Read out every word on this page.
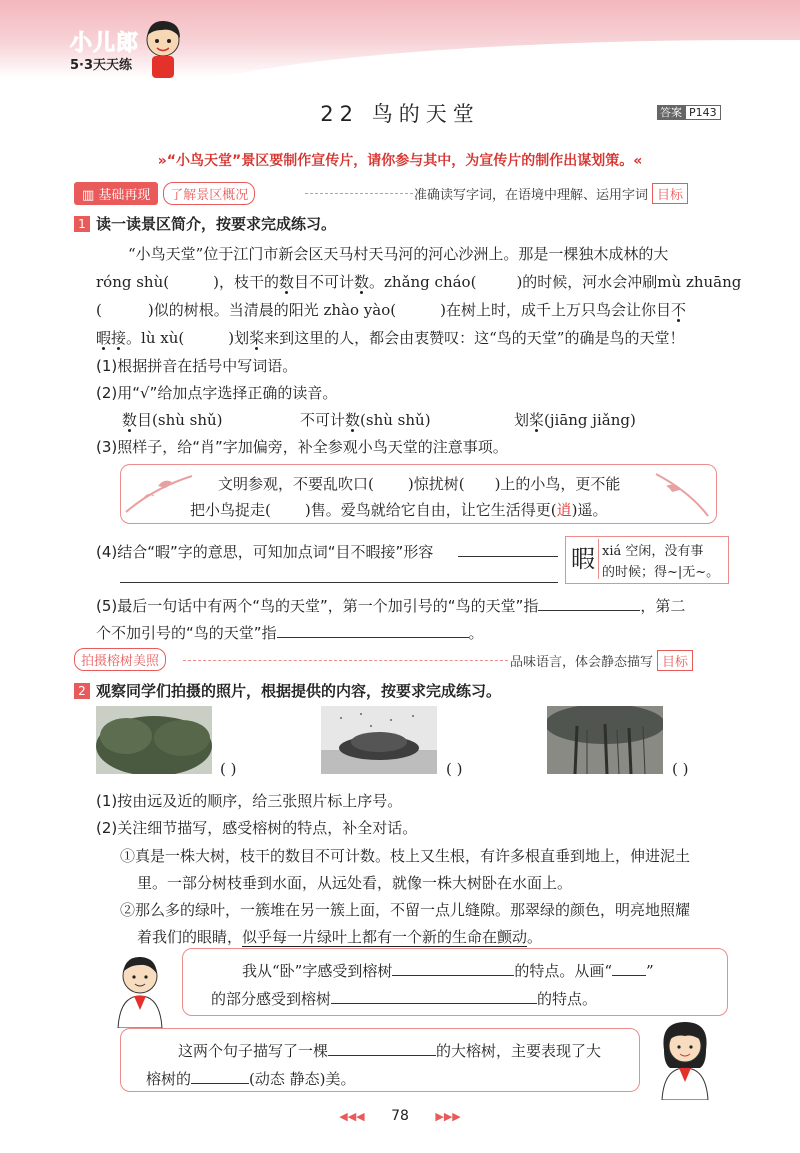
小儿郎
5·3天天练
22 鸟的天堂	答案 P143
»“小鸟天堂”景区要制作宣传片，请你参与其中，为宣传片的制作出谋划策。«
▥ 基础再现 了解景区概况	准确读写字词，在语境中理解、运用字词 目标
1 读一读景区简介，按要求完成练习。
“小鸟天堂”位于江门市新会区天马村天马河的河心沙洲上。那是一棵独木成林的大
róng shù(	)，枝干的数目不可计数。zhǎng cháo(	)的时候，河水会冲刷mù zhuāng
(	)似的树根。当清晨的阳光 zhào yào(	)在树上时，成千上万只鸟会让你目不
暇接。lù xù(	)划桨来到这里的人，都会由衷赞叹：这“鸟的天堂”的确是鸟的天堂！
(1)根据拼音在括号中写词语。
(2)用“√”给加点字选择正确的读音。
数目(shù shǔ)	不可计数(shù shǔ)	划桨(jiāng jiǎng)
(3)照样子，给“肖”字加偏旁，补全参观小鸟天堂的注意事项。
文明参观，不要乱吹口( )惊扰树( )上的小鸟，更不能
把小鸟捉走( )售。爱鸟就给它自由，让它生活得更(逍)遥。
(4)结合“暇”字的意思，可知加点词“目不暇接”形容	暇 xiá 空闲，没有事
的时候；得~|无~。
(5)最后一句话中有两个“鸟的天堂”，第一个加引号的“鸟的天堂”指	，第二
个不加引号的“鸟的天堂”指	。
拍摄榕树美照	品味语言，体会静态描写 目标
2 观察同学们拍摄的照片，根据提供的内容，按要求完成练习。
( )	( )	( )
(1)按由远及近的顺序，给三张照片标上序号。
(2)关注细节描写，感受榕树的特点，补全对话。
①真是一株大树，枝干的数目不可计数。枝上又生根，有许多根直垂到地上，伸进泥土
里。一部分树枝垂到水面，从远处看，就像一株大树卧在水面上。
②那么多的绿叶，一簇堆在另一簇上面，不留一点儿缝隙。那翠绿的颜色，明亮地照耀
着我们的眼睛，似乎每一片绿叶上都有一个新的生命在颤动。
我从“卧”字感受到榕树	的特点。从画“ ”
的部分感受到榕树	的特点。
这两个句子描写了一棵	的大榕树，主要表现了大
榕树的	(动态 静态)美。
◀◀◀ 78 ▶▶▶
